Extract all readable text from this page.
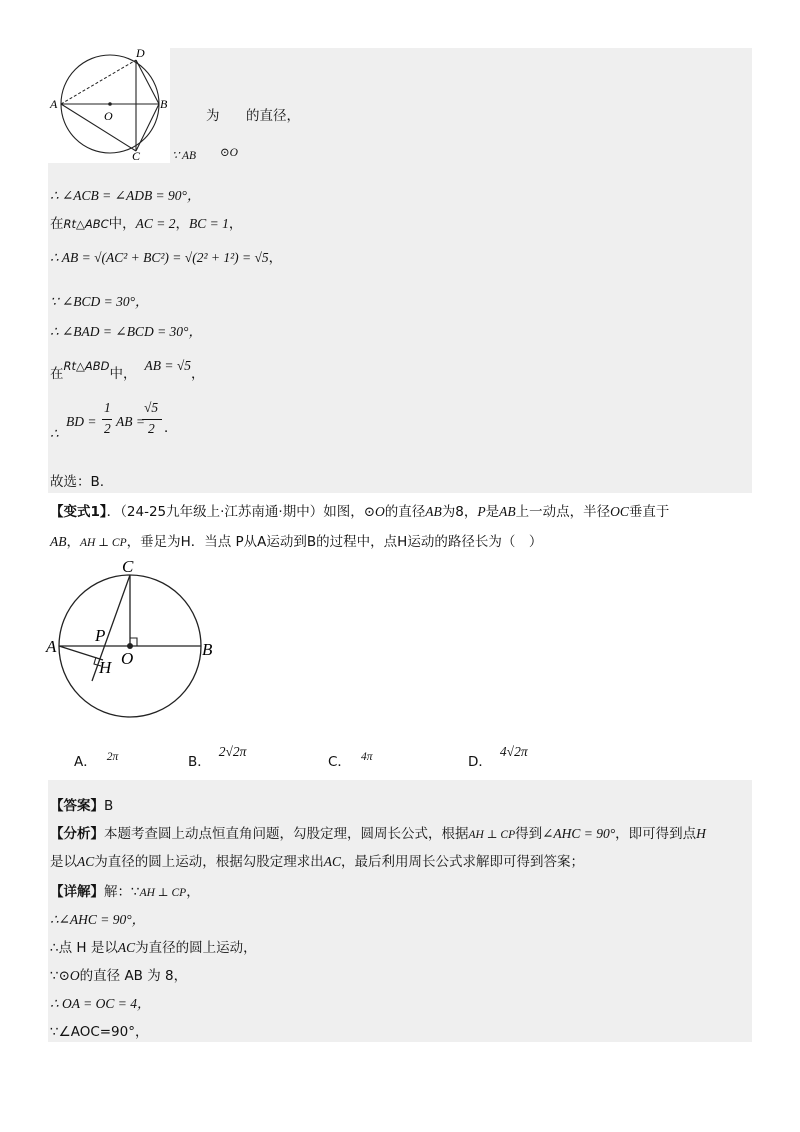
A	B
C
D
O	为 的直径，
∵ AB ⊙O
∴ ∠ACB = ∠ADB = 90°，
在Rt△ABC中，AC = 2，BC = 1，
∴ AB = √(AC² + BC²) = √(2² + 1²) = √5，
∵ ∠BCD = 30°，
∴ ∠BAD = ∠BCD = 30°，
$_在Rt\triangle ABD_{中,}AB = √5_,$
∴
BD =
1
2 AB =
√5
2 ．
故选：B.
【变式1】．（24-25九年级上·江苏南通·期中）如图，⊙O的直径AB为8，P是AB上一动点，半径OC垂直于
AB，AH ⊥ CP，垂足为H．当点 P从A运动到B的过程中，点H运动的路径长为（　）
C
A	B
O
P
H
$_{A.}$ 2π	$_{B.}$2√2π
$_{C.}$ 4π	$_{D.}$4√2π
【答案】B
【分析】本题考查圆上动点恒直角问题，勾股定理，圆周长公式，根据AH ⊥ CP得到∠AHC = 90°，即可得到点H
是以AC为直径的圆上运动，根据勾股定理求出AC，最后利用周长公式求解即可得到答案；
【详解】解：∵AH ⊥ CP，
∴∠AHC = 90°，
∴点 H 是以AC为直径的圆上运动，
∵⊙O的直径 AB 为 8，
∴ OA = OC = 4，
∵∠AOC=90°，
